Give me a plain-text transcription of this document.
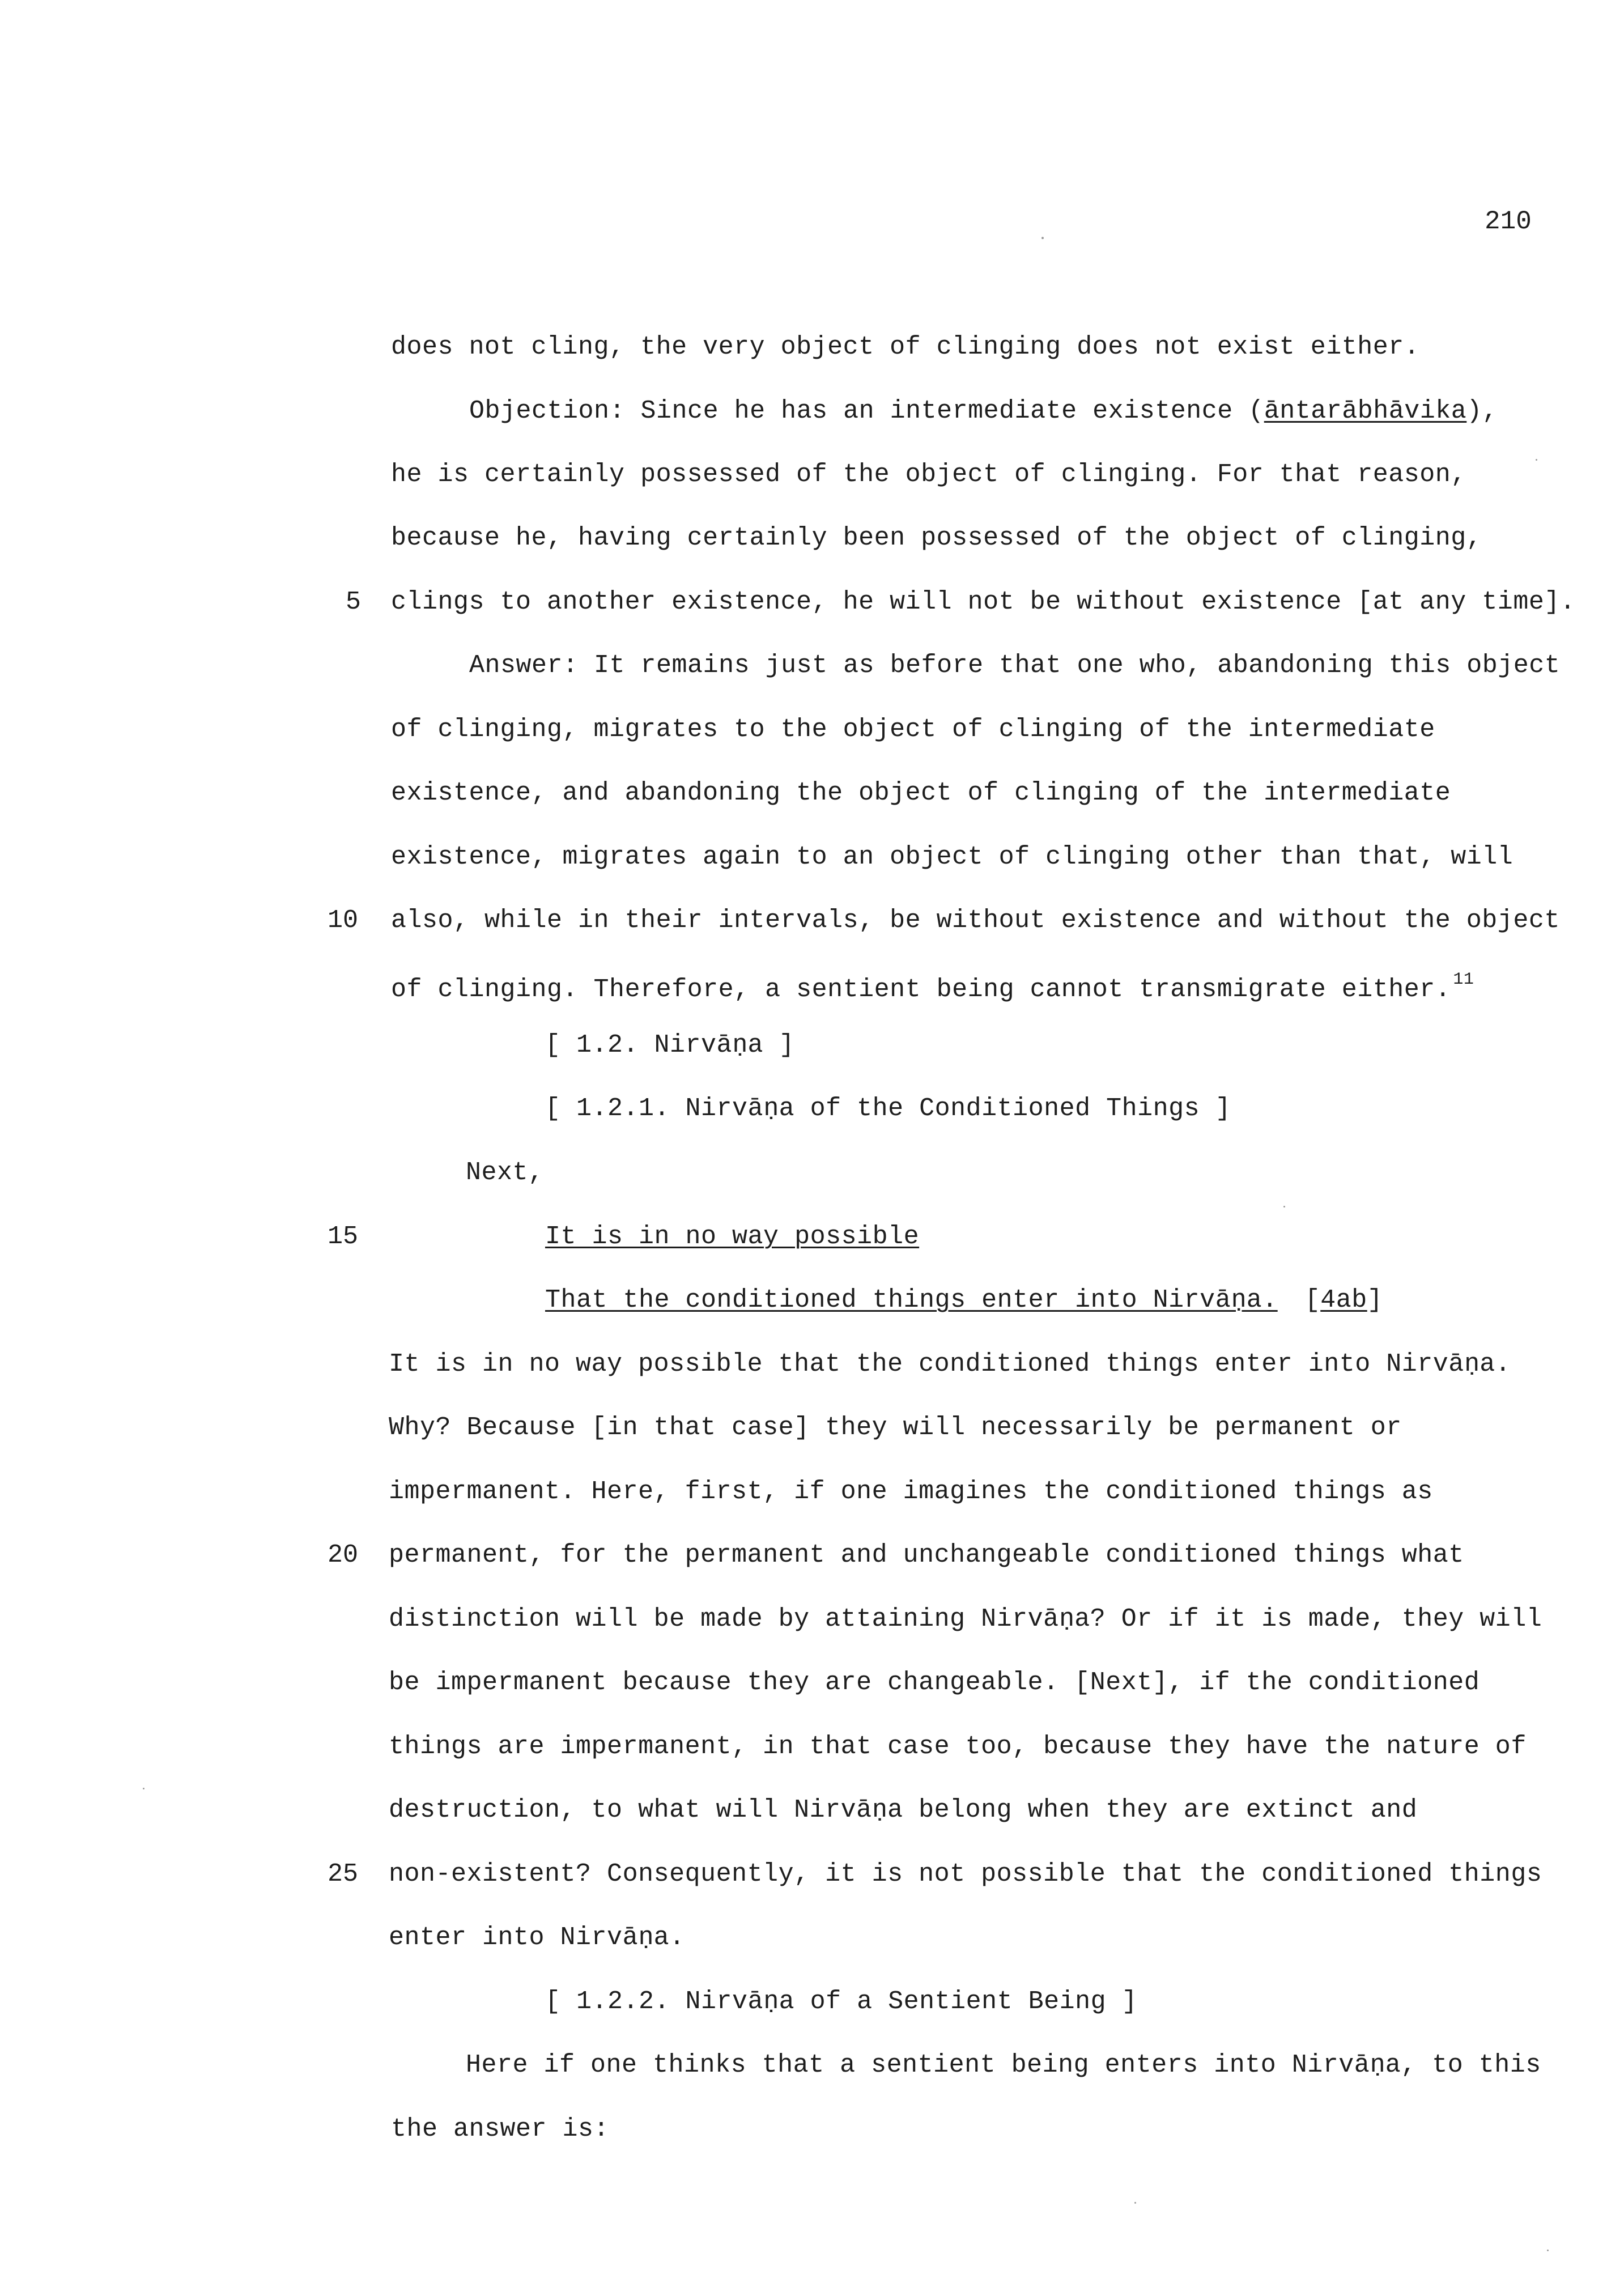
210
does not cling, the very object of clinging does not exist either.
Objection: Since he has an intermediate existence (āntarābhāvika),
he is certainly possessed of the object of clinging. For that reason,
because he, having certainly been possessed of the object of clinging,
5 clings to another existence, he will not be without existence [at any time].
Answer: It remains just as before that one who, abandoning this object
of clinging, migrates to the object of clinging of the intermediate
existence, and abandoning the object of clinging of the intermediate
existence, migrates again to an object of clinging other than that, will
10 also, while in their intervals, be without existence and without the object
of clinging. Therefore, a sentient being cannot transmigrate either. $^{11}$
[ 1.2. Nirvāṇa ]
[ 1.2.1. Nirvāṇa of the Conditioned Things ]
Next,
15	It is in no way possible
That the conditioned things enter into Nirvāṇa. [4ab]
It is in no way possible that the conditioned things enter into Nirvāṇa.
Why? Because [in that case] they will necessarily be permanent or
impermanent. Here, first, if one imagines the conditioned things as
20 permanent, for the permanent and unchangeable conditioned things what
distinction will be made by attaining Nirvāṇa? Or if it is made, they will
be impermanent because they are changeable. [Next], if the conditioned
things are impermanent, in that case too, because they have the nature of
destruction, to what will Nirvāṇa belong when they are extinct and
25 non-existent? Consequently, it is not possible that the conditioned things
enter into Nirvāṇa.
[ 1.2.2. Nirvāṇa of a Sentient Being ]
Here if one thinks that a sentient being enters into Nirvāṇa, to this
the answer is:
